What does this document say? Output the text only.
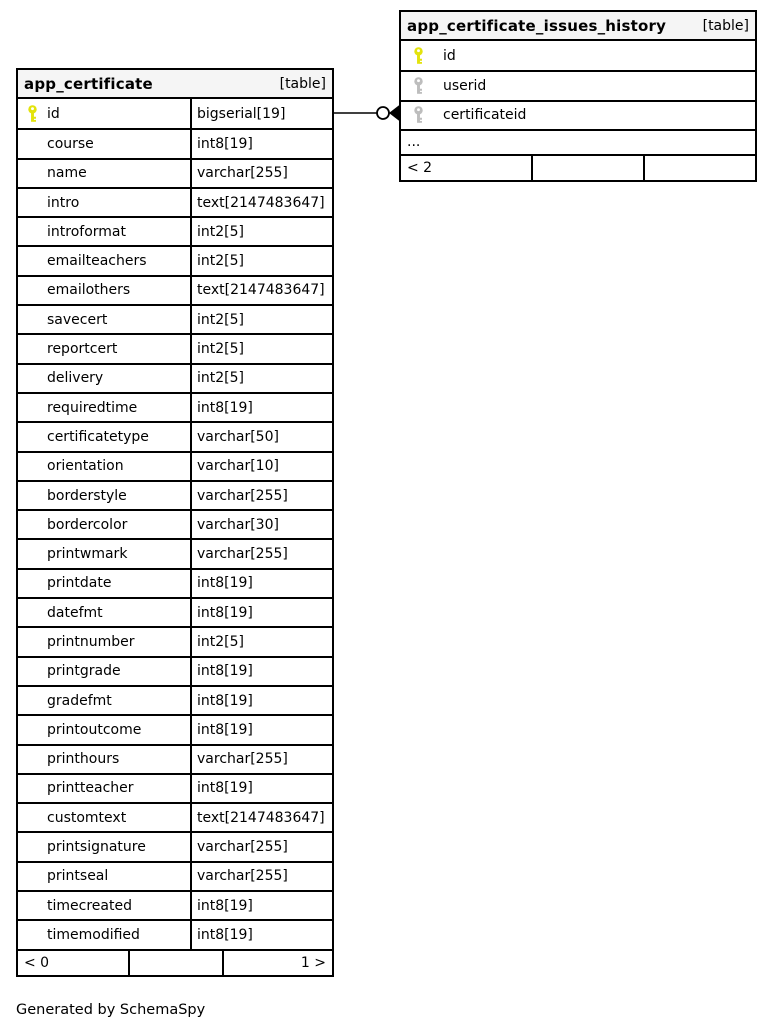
app_certificate	[table]
id	bigserial[19]
course	int8[19]
name	varchar[255]
intro	text[2147483647]
introformat	int2[5]
emailteachers	int2[5]
emailothers	text[2147483647]
savecert	int2[5]
reportcert	int2[5]
delivery	int2[5]
requiredtime	int8[19]
certificatetype	varchar[50]
orientation	varchar[10]
borderstyle	varchar[255]
bordercolor	varchar[30]
printwmark	varchar[255]
printdate	int8[19]
datefmt	int8[19]
printnumber	int2[5]
printgrade	int8[19]
gradefmt	int8[19]
printoutcome	int8[19]
printhours	varchar[255]
printteacher	int8[19]
customtext	text[2147483647]
printsignature	varchar[255]
printseal	varchar[255]
timecreated	int8[19]
timemodified	int8[19]
< 0	1 >
app_certificate_issues_history	[table]
id
userid
certificateid
...
< 2
Generated by SchemaSpy
